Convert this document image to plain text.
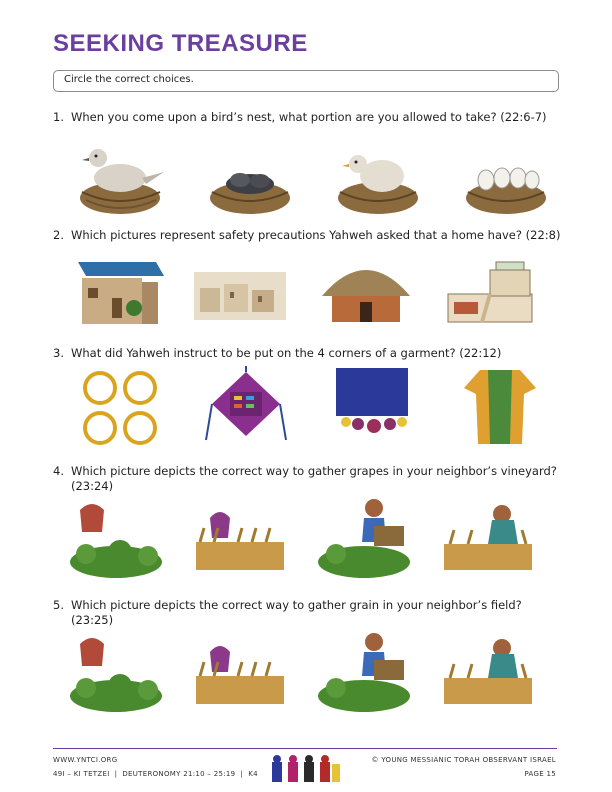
SEEKING TREASURE
Circle the correct choices.
1. When you come upon a bird’s nest, what portion are you allowed to take? (22:6-7)
2. Which pictures represent safety precautions Yahweh asked that a home have? (22:8)
3. What did Yahweh instruct to be put on the 4 corners of a garment? (22:12)
4. Which picture depicts the correct way to gather grapes in your neighbor’s vineyard?
(23:24)
5. Which picture depicts the correct way to gather grain in your neighbor’s field?
(23:25)
WWW.YNTCI.ORG
49I – KI TETZEI  |  DEUTERONOMY 21:10 – 25:19  |  K4
© YOUNG MESSIANIC TORAH OBSERVANT ISRAEL
PAGE 15
